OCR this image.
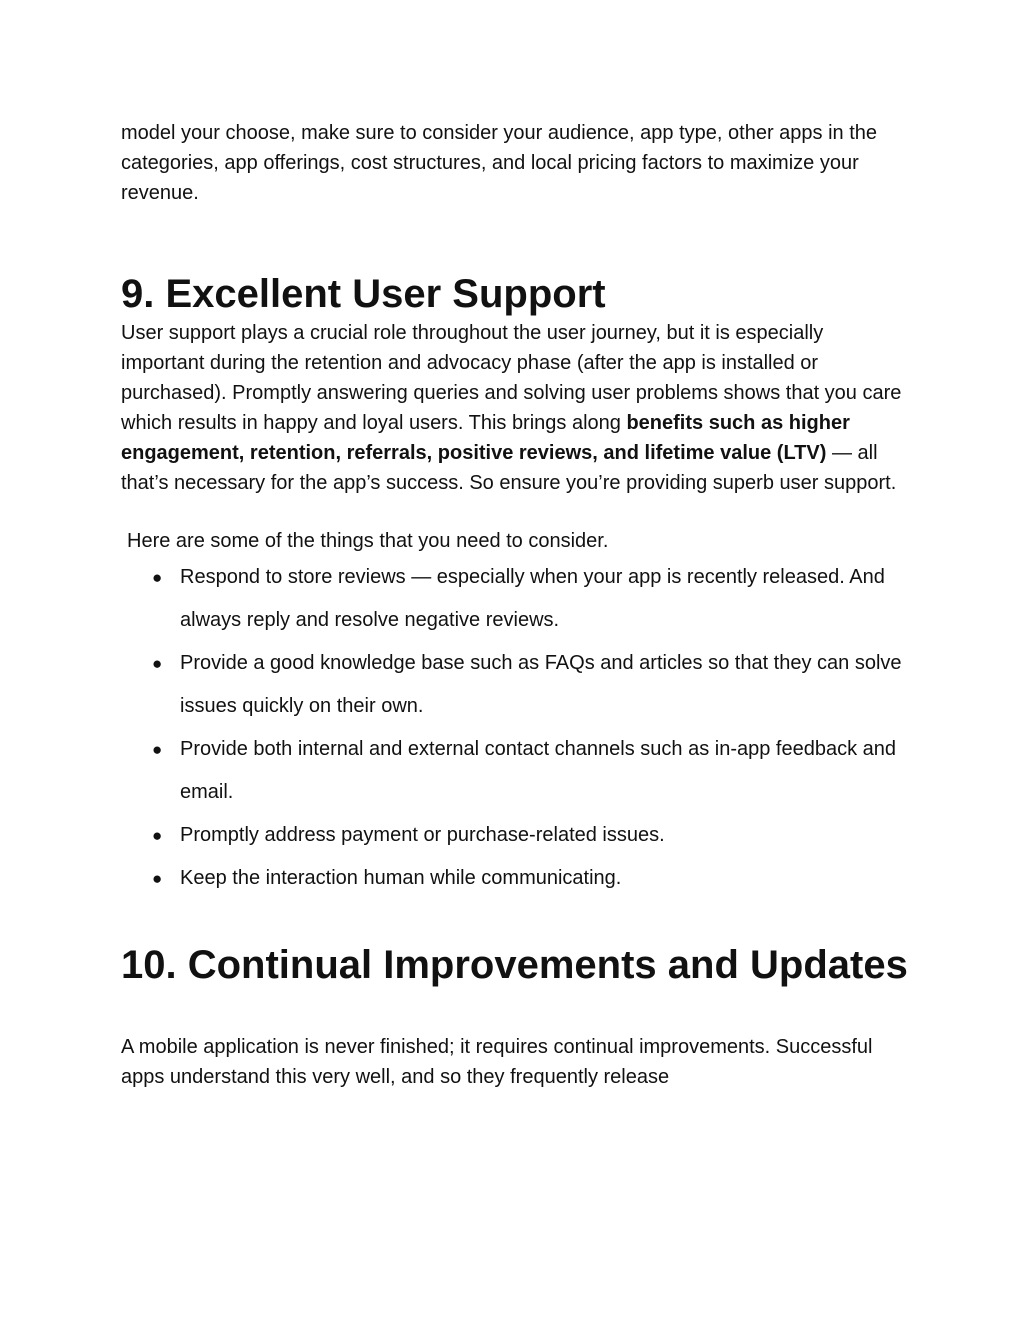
model your choose, make sure to consider your audience, app type, other apps in the categories, app offerings, cost structures, and local pricing factors to maximize your revenue.

9. Excellent User Support

User support plays a crucial role throughout the user journey, but it is especially important during the retention and advocacy phase (after the app is installed or purchased). Promptly answering queries and solving user problems shows that you care which results in happy and loyal users. This brings along benefits such as higher engagement, retention, referrals, positive reviews, and lifetime value (LTV) — all that’s necessary for the app’s success. So ensure you’re providing superb user support.

Here are some of the things that you need to consider.

● Respond to store reviews — especially when your app is recently released. And always reply and resolve negative reviews.
● Provide a good knowledge base such as FAQs and articles so that they can solve issues quickly on their own.
● Provide both internal and external contact channels such as in-app feedback and email.
● Promptly address payment or purchase-related issues.
● Keep the interaction human while communicating.
10. Continual Improvements and Updates

A mobile application is never finished; it requires continual improvements. Successful apps understand this very well, and so they frequently release
